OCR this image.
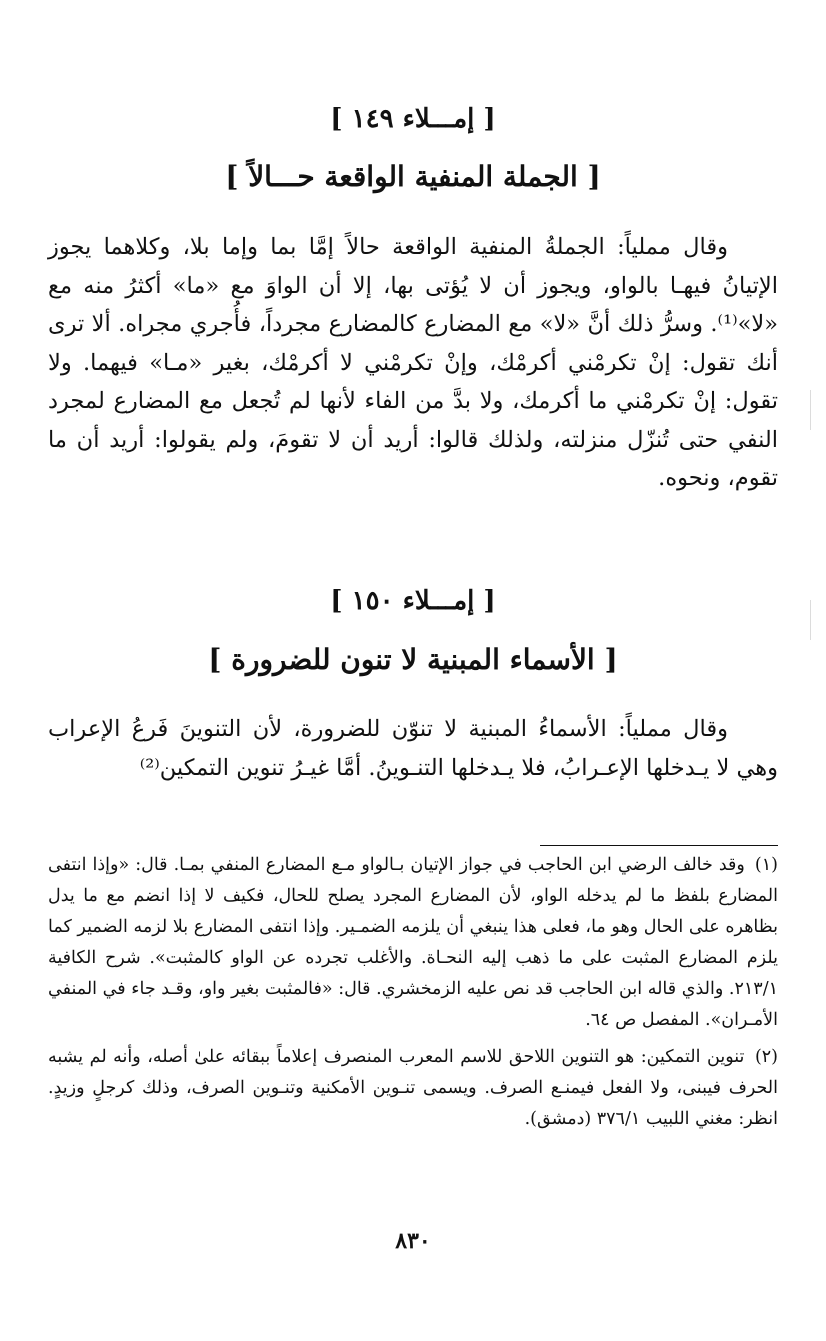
[ إمـــلاء ١٤٩ ]
[ الجملة المنفية الواقعة حـــالاً ]

وقال مملياً: الجملةُ المنفية الواقعة حالاً إمَّا بما وإما بلا، وكلاهما يجوز الإتيانُ فيهـا بالواو، ويجوز أن لا يُؤتى بها، إلا أن الواوَ مع «ما» أكثرُ منه مع «لا»⁽¹⁾. وسرُّ ذلك أنَّ «لا» مع المضارع كالمضارع مجرداً، فأُجري مجراه. ألا ترى أنك تقول: إنْ تكرمْني أكرمْك، وإنْ تكرمْني لا أكرمْك، بغير «مـا» فيهما. ولا تقول: إنْ تكرمْني ما أكرمك، ولا بدَّ من الفاء لأنها لم تُجعل مع المضارع لمجرد النفي حتى تُنزّل منزلته، ولذلك قالوا: أريد أن لا تقومَ، ولم يقولوا: أريد أن ما تقوم، ونحوه.

[ إمـــلاء ١٥٠ ]
[ الأسماء المبنية لا تنون للضرورة ]

وقال مملياً: الأسماءُ المبنية لا تنوّن للضرورة، لأن التنوينَ فَرعُ الإعراب وهي لا يـدخلها الإعـرابُ، فلا يـدخلها التنـوينُ. أمَّا غيـرُ تنوين التمكين⁽²⁾

(١) وقد خالف الرضي ابن الحاجب في جواز الإتيان بـالواو مـع المضارع المنفي بمـا. قال: «وإذا انتفى المضارع بلفظ ما لم يدخله الواو، لأن المضارع المجرد يصلح للحال، فكيف لا إذا انضم مع ما يدل بظاهره على الحال وهو ما، فعلى هذا ينبغي أن يلزمه الضمـير. وإذا انتفى المضارع بلا لزمه الضمير كما يلزم المضارع المثبت على ما ذهب إليه النحـاة. والأغلب تجرده عن الواو كالمثبت». شرح الكافية ٢١٣/١. والذي قاله ابن الحاجب قد نص عليه الزمخشري. قال: «فالمثبت بغير واو، وقـد جاء في المنفي الأمـران». المفصل ص ٦٤.
(٢) تنوين التمكين: هو التنوين اللاحق للاسم المعرب المنصرف إعلاماً ببقائه علىٰ أصله، وأنه لم يشبه الحرف فيبنى، ولا الفعل فيمنـع الصرف. ويسمى تنـوين الأمكنية وتنـوين الصرف، وذلك كرجلٍ وزيدٍ. انظر: مغني اللبيب ٣٧٦/١ (دمشق).
٨٣٠
